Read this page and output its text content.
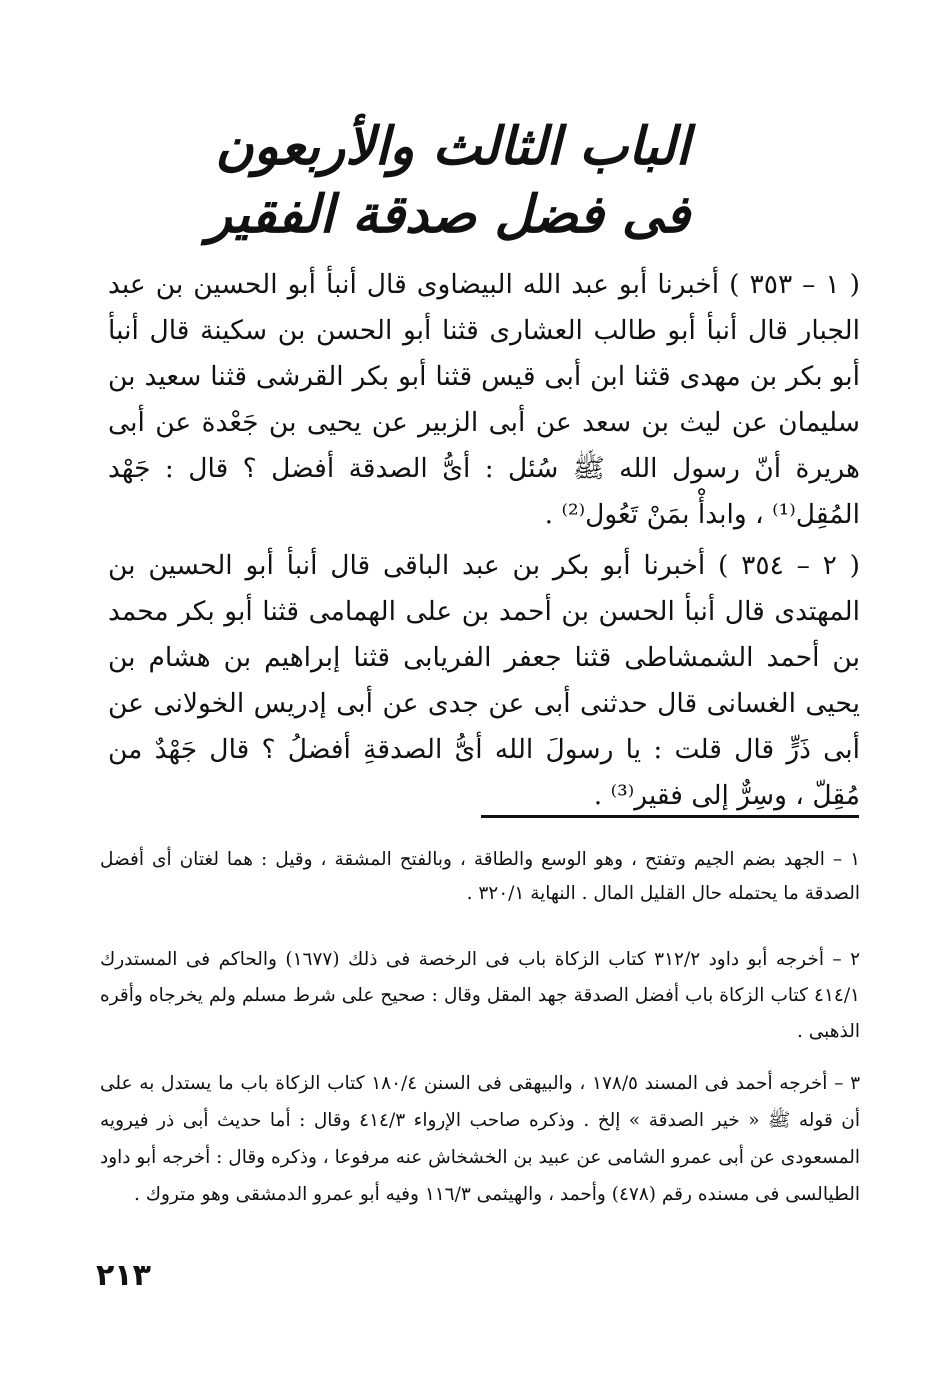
الباب الثالث والأربعون
فى فضل صدقة الفقير

( ١ – ٣٥٣ ) أخبرنا أبو عبد الله البيضاوى قال أنبأ أبو الحسين بن عبد الجبار قال أنبأ أبو طالب العشارى قثنا أبو الحسن بن سكينة قال أنبأ أبو بكر بن مهدى قثنا ابن أبى قيس قثنا أبو بكر القرشى قثنا سعيد بن سليمان عن ليث بن سعد عن أبى الزبير عن يحيى بن جَعْدة عن أبى هريرة أنّ رسول الله ﷺ سُئل : أىُّ الصدقة أفضل ؟ قال : جَهْد المُقِل⁽¹⁾ ، وابدأْ بمَنْ تَعُول⁽²⁾ .

( ٢ – ٣٥٤ ) أخبرنا أبو بكر بن عبد الباقى قال أنبأ أبو الحسين بن المهتدى قال أنبأ الحسن بن أحمد بن على الهمامى قثنا أبو بكر محمد بن أحمد الشمشاطى قثنا جعفر الفريابى قثنا إبراهيم بن هشام بن يحيى الغسانى قال حدثنى أبى عن جدى عن أبى إدريس الخولانى عن أبى ذَرٍّ قال قلت : يا رسولَ الله أىُّ الصدقةِ أفضلُ ؟ قال جَهْدٌ من مُقِلّ ، وسِرٌّ إلى فقير⁽³⁾ .

١ – الجهد بضم الجيم وتفتح ، وهو الوسع والطاقة ، وبالفتح المشقة ، وقيل : هما لغتان أى أفضل الصدقة ما يحتمله حال القليل المال . النهاية ٣٢٠/١ .

٢ – أخرجه أبو داود ٣١٢/٢ كتاب الزكاة باب فى الرخصة فى ذلك (١٦٧٧) والحاكم فى المستدرك ٤١٤/١ كتاب الزكاة باب أفضل الصدقة جهد المقل وقال : صحيح على شرط مسلم ولم يخرجاه وأقره الذهبى .

٣ – أخرجه أحمد فى المسند ١٧٨/٥ ، والبيهقى فى السنن ١٨٠/٤ كتاب الزكاة باب ما يستدل به على أن قوله ﷺ « خير الصدقة » إلخ . وذكره صاحب الإرواء ٤١٤/٣ وقال : أما حديث أبى ذر فيرويه المسعودى عن أبى عمرو الشامى عن عبيد بن الخشخاش عنه مرفوعا ، وذكره وقال : أخرجه أبو داود الطيالسى فى مسنده رقم (٤٧٨) وأحمد ، والهيثمى ١١٦/٣ وفيه أبو عمرو الدمشقى وهو متروك .

٢١٣
